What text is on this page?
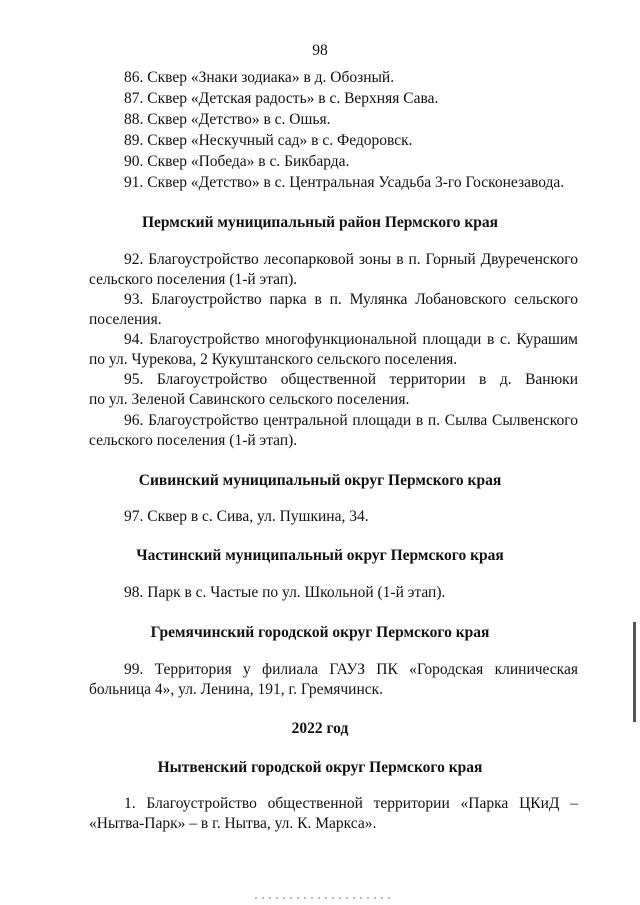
98
86. Сквер «Знаки зодиака» в д. Обозный.
87. Сквер «Детская радость» в с. Верхняя Сава.
88. Сквер «Детство» в с. Ошья.
89. Сквер «Нескучный сад» в с. Федоровск.
90. Сквер «Победа» в с. Бикбарда.
91. Сквер «Детство» в с. Центральная Усадьба 3-го Госконезавода.
Пермский муниципальный район Пермского края
92. Благоустройство лесопарковой зоны в п. Горный Двуреченского
сельского поселения (1-й этап).
93. Благоустройство парка в п. Мулянка Лобановского сельского
поселения.
94. Благоустройство многофункциональной площади в с. Курашим
по ул. Чурекова, 2 Кукуштанского сельского поселения.
95. Благоустройство общественной территории в д. Ванюки
по ул. Зеленой Савинского сельского поселения.
96. Благоустройство центральной площади в п. Сылва Сылвенского
сельского поселения (1-й этап).
Сивинский муниципальный округ Пермского края
97. Сквер в с. Сива, ул. Пушкина, 34.
Частинский муниципальный округ Пермского края
98. Парк в с. Частые по ул. Школьной (1-й этап).
Гремячинский городской округ Пермского края
99. Территория у филиала ГАУЗ ПК «Городская клиническая
больница 4», ул. Ленина, 191, г. Гремячинск.
2022 год
Нытвенский городской округ Пермского края
1. Благоустройство общественной территории «Парка ЦКиД –
«Нытва-Парк» – в г. Нытва, ул. К. Маркса».
